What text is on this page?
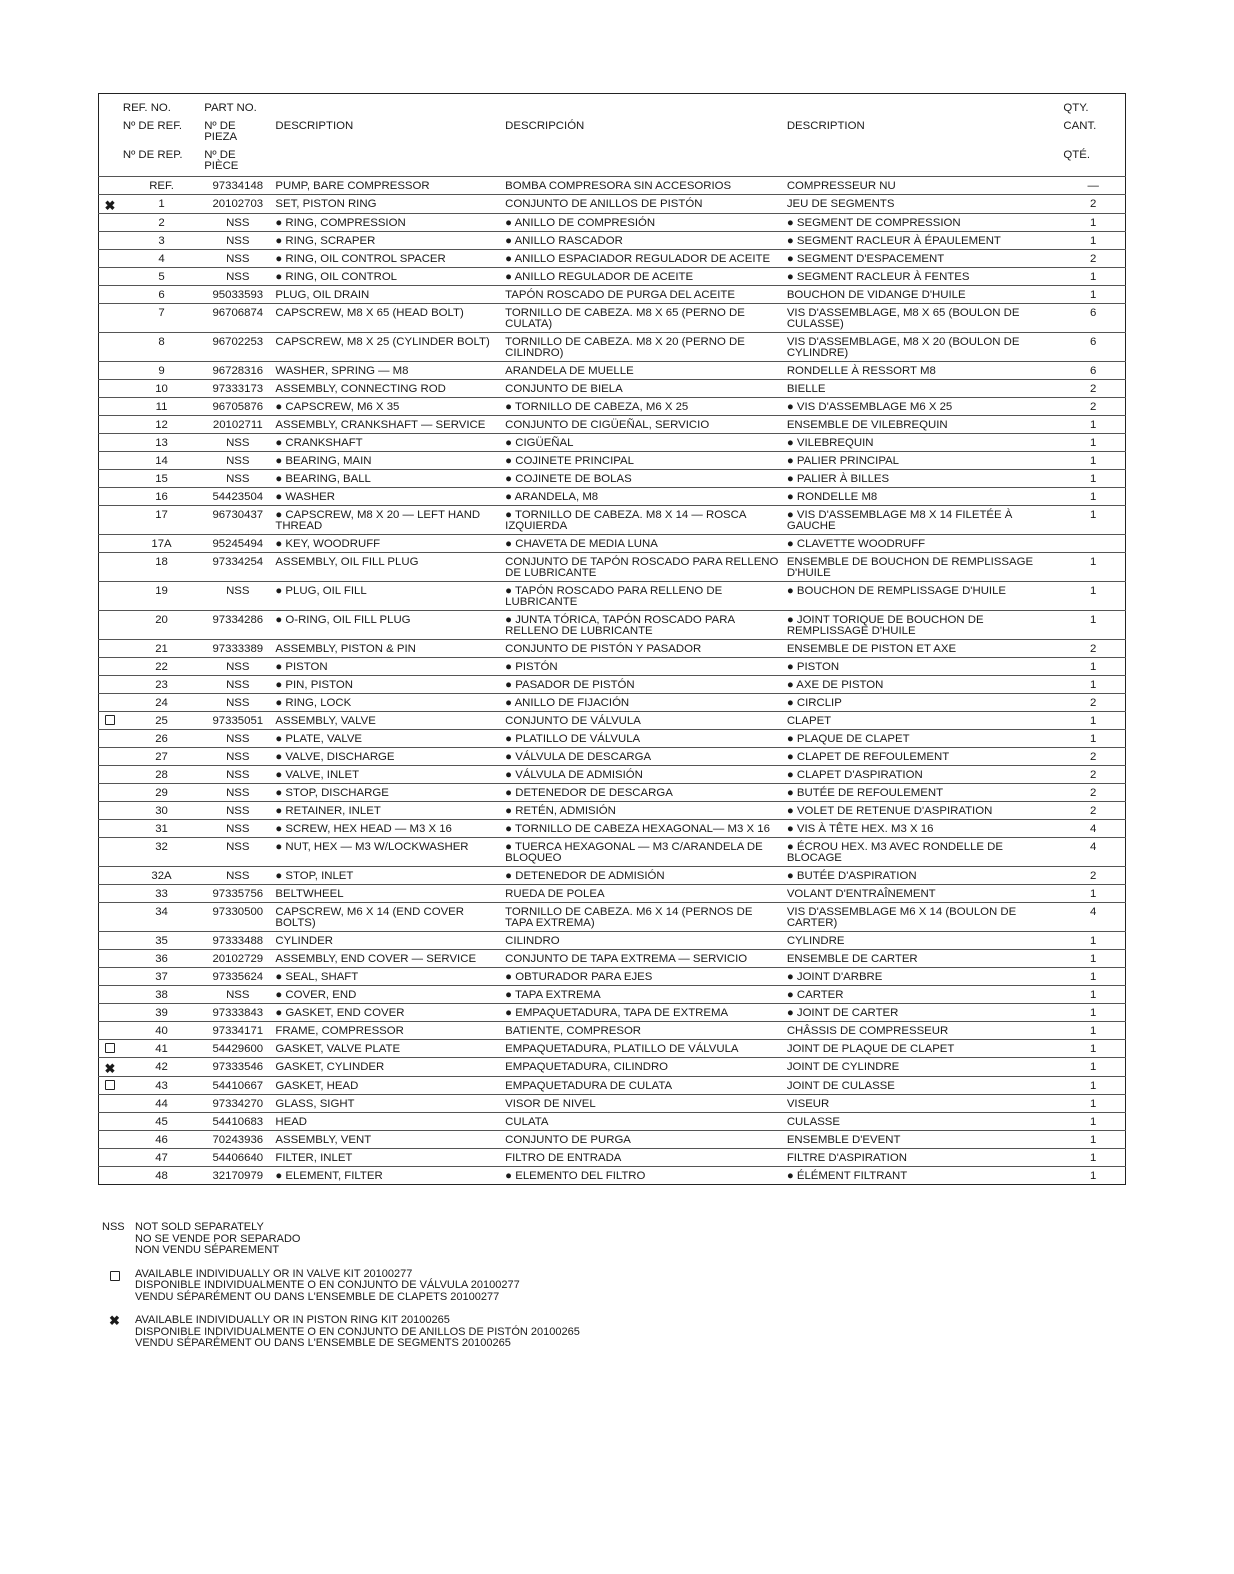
	REF. NO.	PART NO.				QTY.
	Nº DE REF.	Nº DE PIEZA	DESCRIPTION	DESCRIPCIÓN	DESCRIPTION	CANT.
	Nº DE REP.	Nº DE PIÈCE				QTÉ.
	REF.	97334148	PUMP, BARE COMPRESSOR	BOMBA COMPRESORA SIN ACCESORIOS	COMPRESSEUR NU	—
✖	1	20102703	SET, PISTON RING	CONJUNTO DE ANILLOS DE PISTÓN	JEU DE SEGMENTS	2
	2	NSS	● RING, COMPRESSION	● ANILLO DE COMPRESIÓN	● SEGMENT DE COMPRESSION	1
	3	NSS	● RING, SCRAPER	● ANILLO RASCADOR	● SEGMENT RACLEUR À ÉPAULEMENT	1
	4	NSS	● RING, OIL CONTROL SPACER	● ANILLO ESPACIADOR REGULADOR DE ACEITE	● SEGMENT D'ESPACEMENT	2
	5	NSS	● RING, OIL CONTROL	● ANILLO REGULADOR DE ACEITE	● SEGMENT RACLEUR À FENTES	1
	6	95033593	PLUG, OIL DRAIN	TAPÓN ROSCADO DE PURGA DEL ACEITE	BOUCHON DE VIDANGE D'HUILE	1
	7	96706874	CAPSCREW, M8 X 65 (HEAD BOLT)	TORNILLO DE CABEZA. M8 X 65 (PERNO DE CULATA)	VIS D'ASSEMBLAGE, M8 X 65 (BOULON DE CULASSE)	6
	8	96702253	CAPSCREW, M8 X 25 (CYLINDER BOLT)	TORNILLO DE CABEZA. M8 X 20 (PERNO DE CILINDRO)	VIS D'ASSEMBLAGE, M8 X 20 (BOULON DE CYLINDRE)	6
	9	96728316	WASHER, SPRING — M8	ARANDELA DE MUELLE	RONDELLE À RESSORT M8	6
	10	97333173	ASSEMBLY, CONNECTING ROD	CONJUNTO DE BIELA	BIELLE	2
	11	96705876	● CAPSCREW, M6 X 35	● TORNILLO DE CABEZA, M6 X 25	● VIS D'ASSEMBLAGE M6 X 25	2
	12	20102711	ASSEMBLY, CRANKSHAFT — SERVICE	CONJUNTO DE CIGÜEÑAL, SERVICIO	ENSEMBLE DE VILEBREQUIN	1
	13	NSS	● CRANKSHAFT	● CIGÜEÑAL	● VILEBREQUIN	1
	14	NSS	● BEARING, MAIN	● COJINETE PRINCIPAL	● PALIER PRINCIPAL	1
	15	NSS	● BEARING, BALL	● COJINETE DE BOLAS	● PALIER À BILLES	1
	16	54423504	● WASHER	● ARANDELA, M8	● RONDELLE M8	1
	17	96730437	● CAPSCREW, M8 X 20 — LEFT HAND THREAD	● TORNILLO DE CABEZA. M8 X 14 — ROSCA IZQUIERDA	● VIS D'ASSEMBLAGE M8 X 14 FILETÉE À GAUCHE	1
	17A	95245494	● KEY, WOODRUFF	● CHAVETA DE MEDIA LUNA	● CLAVETTE WOODRUFF	
	18	97334254	ASSEMBLY, OIL FILL PLUG	CONJUNTO DE TAPÓN ROSCADO PARA RELLENO DE LUBRICANTE	ENSEMBLE DE BOUCHON DE REMPLISSAGE D'HUILE	1
	19	NSS	● PLUG, OIL FILL	● TAPÓN ROSCADO PARA RELLENO DE LUBRICANTE	● BOUCHON DE REMPLISSAGE D'HUILE	1
	20	97334286	● O-RING, OIL FILL PLUG	● JUNTA TÓRICA, TAPÓN ROSCADO PARA RELLENO DE LUBRICANTE	● JOINT TORIQUE DE BOUCHON DE REMPLISSAGE D'HUILE	1
	21	97333389	ASSEMBLY, PISTON & PIN	CONJUNTO DE PISTÓN Y PASADOR	ENSEMBLE DE PISTON ET AXE	2
	22	NSS	● PISTON	● PISTÓN	● PISTON	1
	23	NSS	● PIN, PISTON	● PASADOR DE PISTÓN	● AXE DE PISTON	1
	24	NSS	● RING, LOCK	● ANILLO DE FIJACIÓN	● CIRCLIP	2
	25	97335051	ASSEMBLY, VALVE	CONJUNTO DE VÁLVULA	CLAPET	1
	26	NSS	● PLATE, VALVE	● PLATILLO DE VÁLVULA	● PLAQUE DE CLAPET	1
	27	NSS	● VALVE, DISCHARGE	● VÁLVULA DE DESCARGA	● CLAPET DE REFOULEMENT	2
	28	NSS	● VALVE, INLET	● VÁLVULA DE ADMISIÓN	● CLAPET D'ASPIRATION	2
	29	NSS	● STOP, DISCHARGE	● DETENEDOR DE DESCARGA	● BUTÉE DE REFOULEMENT	2
	30	NSS	● RETAINER, INLET	● RETÉN, ADMISIÓN	● VOLET DE RETENUE D'ASPIRATION	2
	31	NSS	● SCREW, HEX HEAD — M3 X 16	● TORNILLO DE CABEZA HEXAGONAL— M3 X 16	● VIS À TÊTE HEX. M3 X 16	4
	32	NSS	● NUT, HEX — M3 W/LOCKWASHER	● TUERCA HEXAGONAL — M3 C/ARANDELA DE BLOQUEO	● ÉCROU HEX. M3 AVEC RONDELLE DE BLOCAGE	4
	32A	NSS	● STOP, INLET	● DETENEDOR DE ADMISIÓN	● BUTÉE D'ASPIRATION	2
	33	97335756	BELTWHEEL	RUEDA DE POLEA	VOLANT D'ENTRAÎNEMENT	1
	34	97330500	CAPSCREW, M6 X 14 (END COVER BOLTS)	TORNILLO DE CABEZA. M6 X 14 (PERNOS DE TAPA EXTREMA)	VIS D'ASSEMBLAGE M6 X 14 (BOULON DE CARTER)	4
	35	97333488	CYLINDER	CILINDRO	CYLINDRE	1
	36	20102729	ASSEMBLY, END COVER — SERVICE	CONJUNTO DE TAPA EXTREMA — SERVICIO	ENSEMBLE DE CARTER	1
	37	97335624	● SEAL, SHAFT	● OBTURADOR PARA EJES	● JOINT D'ARBRE	1
	38	NSS	● COVER, END	● TAPA EXTREMA	● CARTER	1
	39	97333843	● GASKET, END COVER	● EMPAQUETADURA, TAPA DE EXTREMA	● JOINT DE CARTER	1
	40	97334171	FRAME, COMPRESSOR	BATIENTE, COMPRESOR	CHÂSSIS DE COMPRESSEUR	1
	41	54429600	GASKET, VALVE PLATE	EMPAQUETADURA, PLATILLO DE VÁLVULA	JOINT DE PLAQUE DE CLAPET	1
✖	42	97333546	GASKET, CYLINDER	EMPAQUETADURA, CILINDRO	JOINT DE CYLINDRE	1
	43	54410667	GASKET, HEAD	EMPAQUETADURA DE CULATA	JOINT DE CULASSE	1
	44	97334270	GLASS, SIGHT	VISOR DE NIVEL	VISEUR	1
	45	54410683	HEAD	CULATA	CULASSE	1
	46	70243936	ASSEMBLY, VENT	CONJUNTO DE PURGA	ENSEMBLE D'EVENT	1
	47	54406640	FILTER, INLET	FILTRO DE ENTRADA	FILTRE D'ASPIRATION	1
	48	32170979	● ELEMENT, FILTER	● ELEMENTO DEL FILTRO	● ÉLÉMENT FILTRANT	1
NSS NOT SOLD SEPARATELY
NO SE VENDE POR SEPARADO
NON VENDU SÉPAREMENT
AVAILABLE INDIVIDUALLY OR IN VALVE KIT 20100277
DISPONIBLE INDIVIDUALMENTE O EN CONJUNTO DE VÁLVULA 20100277
VENDU SÉPARÉMENT OU DANS L'ENSEMBLE DE CLAPETS 20100277
✖	AVAILABLE INDIVIDUALLY OR IN PISTON RING KIT 20100265
DISPONIBLE INDIVIDUALMENTE O EN CONJUNTO DE ANILLOS DE PISTÓN 20100265
VENDU SÉPARÉMENT OU DANS L'ENSEMBLE DE SEGMENTS 20100265
